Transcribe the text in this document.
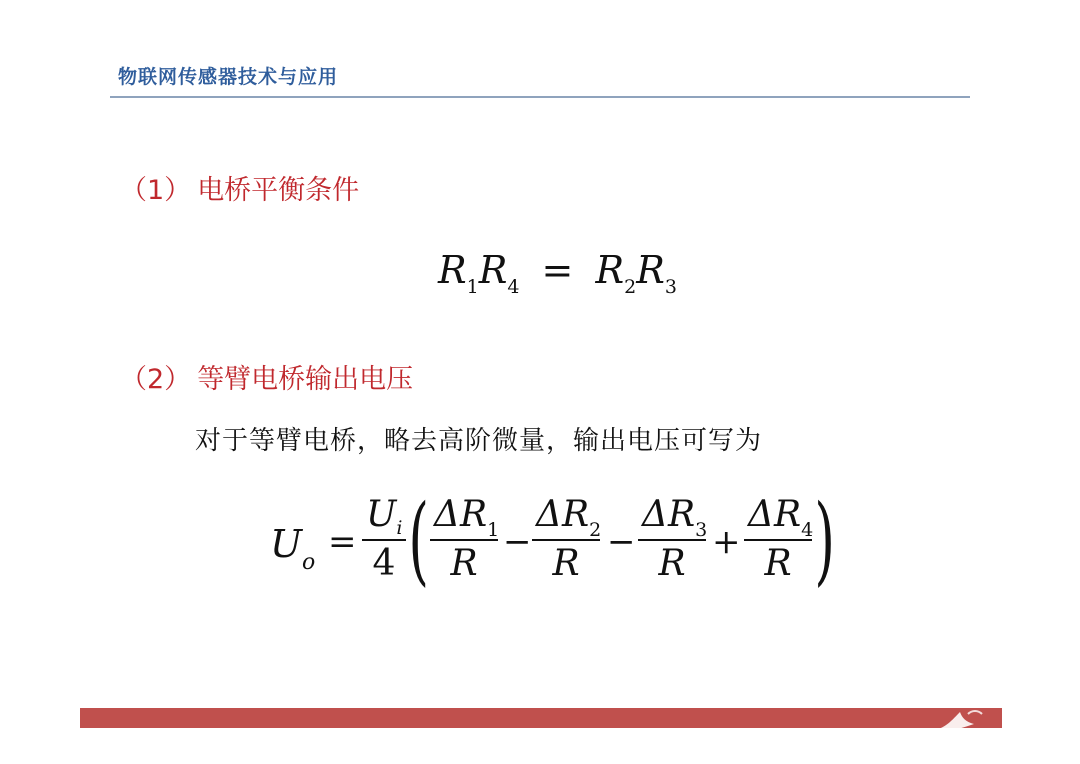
物联网传感器技术与应用
（1） 电桥平衡条件
$R_1R_4 = R_2R_3$
（2） 等臂电桥输出电压
对于等臂电桥，略去高阶微量，输出电压可写为
$U_o$
=
$U_i$
4 ( $\Delta R_1$
R
−
$\Delta R_2$
R
−
$\Delta R_3$
R
+
$\Delta R_4$
R )
